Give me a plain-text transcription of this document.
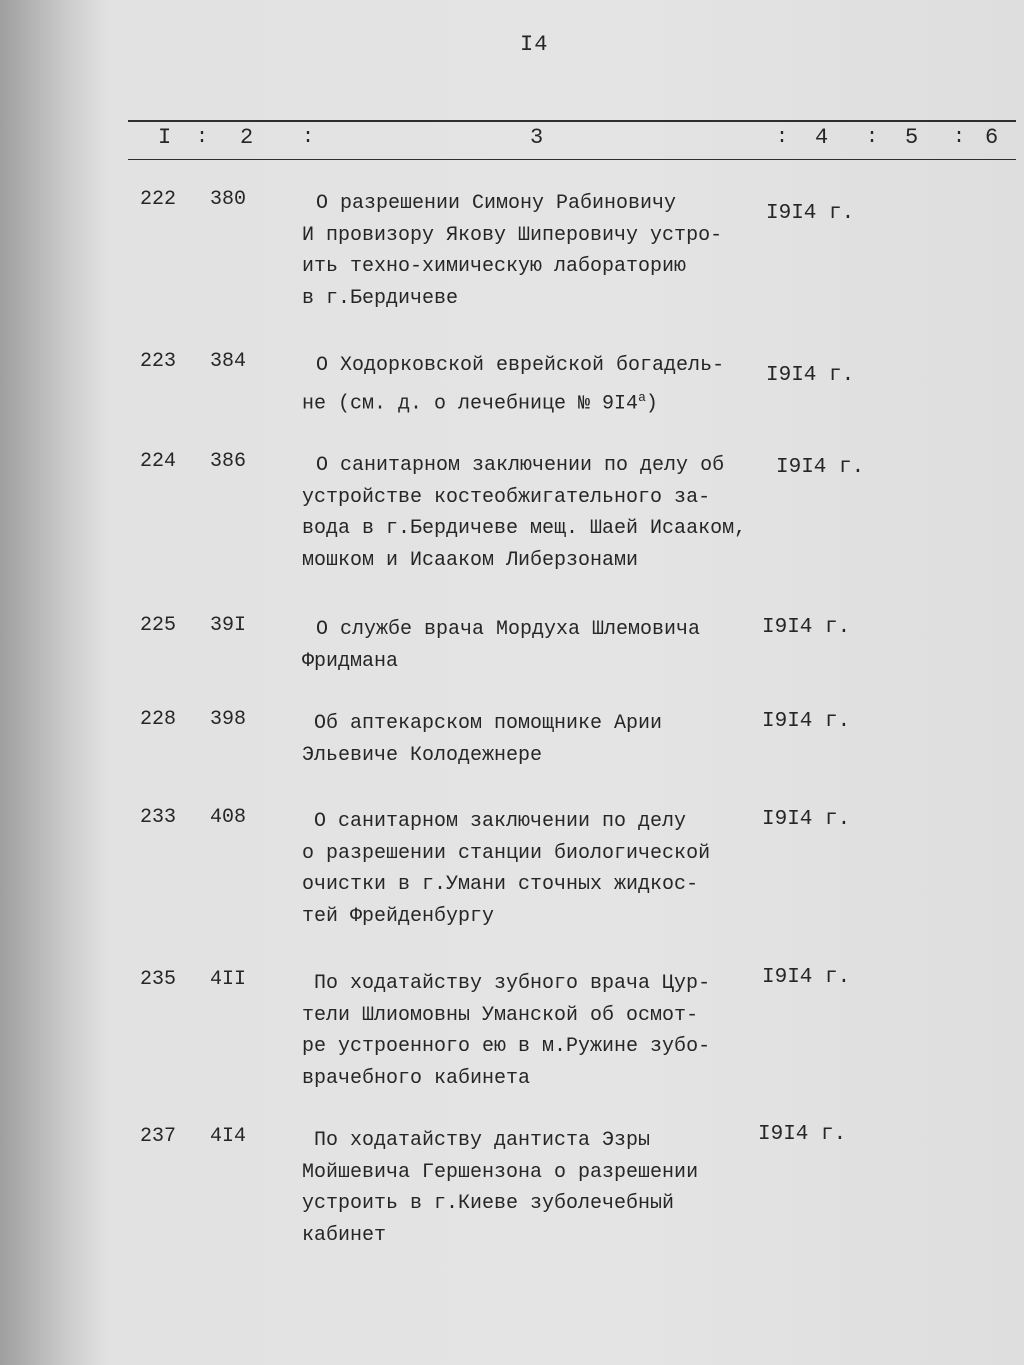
I4
I : 2 :	3	: 4 : 5 : 6
222 380	О разрешении Симону Рабиновичу
И провизору Якову Шиперовичу устро-
ить техно-химическую лабораторию
в г.Бердичеве
I9I4 г.
223 384	О Ходорковской еврейской богадель-
не (см. д. о лечебнице № $9I4^а$)
I9I4 г.
224 386	О санитарном заключении по делу об
устройстве костеобжигательного за-
вода в г.Бердичеве мещ. Шаей Исааком,
мошком и Исааком Либерзонами
I9I4 г.
225 39I	О службе врача Мордуха Шлемовича
Фридмана
I9I4 г.
228 398	Об аптекарском помощнике Арии
Эльевиче Колодежнере
I9I4 г.
233 408	О санитарном заключении по делу
о разрешении станции биологической
очистки в г.Умани сточных жидкос-
тей Фрейденбургу
I9I4 г.
235 4II	По ходатайству зубного врача Цур-
тели Шлиомовны Уманской об осмот-
ре устроенного ею в м.Ружине зубо-
врачебного кабинета
I9I4 г.
237 4I4	По ходатайству дантиста Эзры
Мойшевича Гершензона о разрешении
устроить в г.Киеве зуболечебный
кабинет
I9I4 г.
